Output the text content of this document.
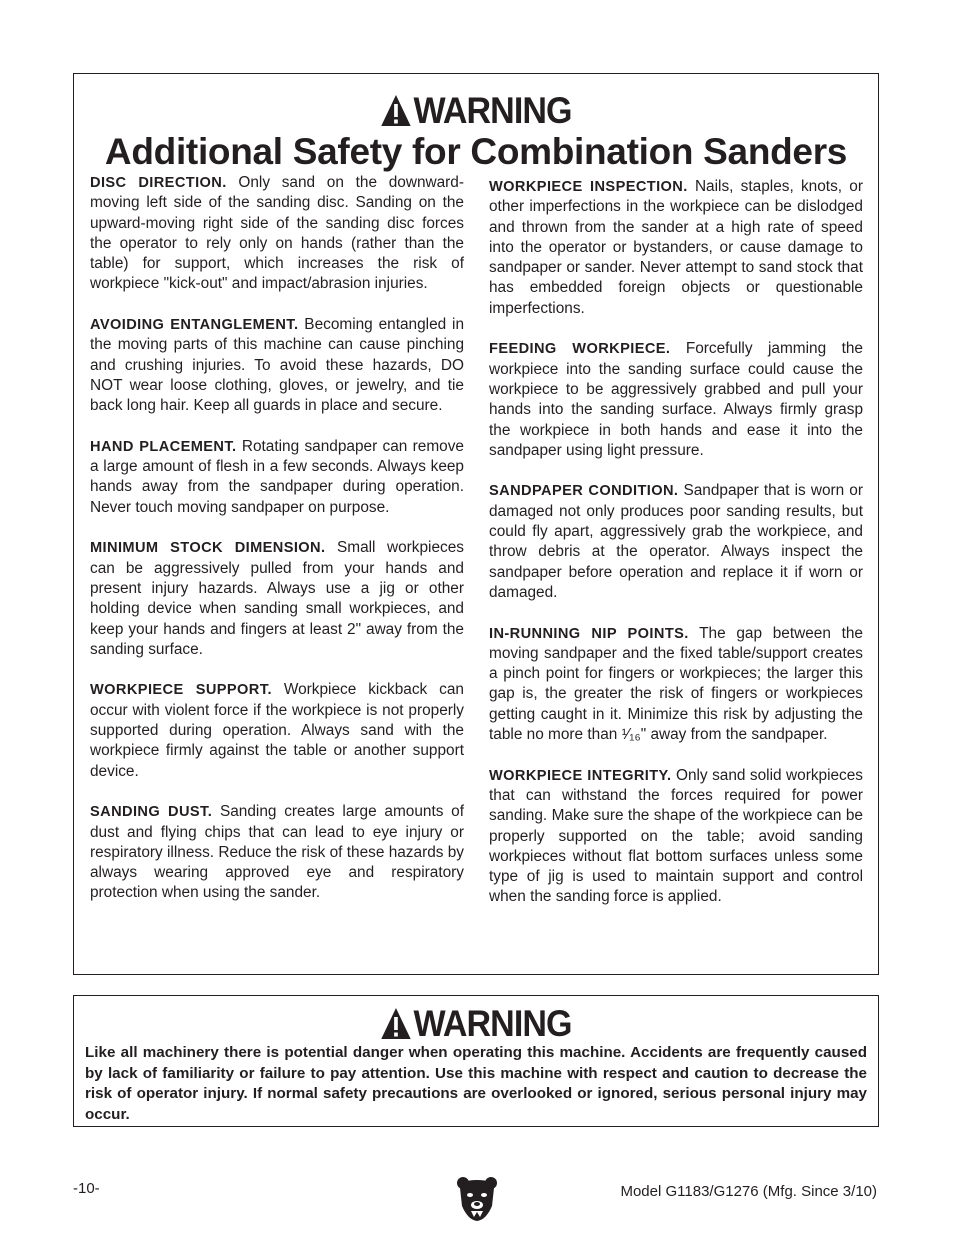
WARNING
Additional Safety for Combination Sanders

DISC DIRECTION. Only sand on the downward-moving left side of the sanding disc. Sanding on the upward-moving right side of the sanding disc forces the operator to rely only on hands (rather than the table) for support, which increases the risk of workpiece "kick-out" and impact/abrasion injuries.

AVOIDING ENTANGLEMENT. Becoming entangled in the moving parts of this machine can cause pinching and crushing injuries. To avoid these hazards, DO NOT wear loose clothing, gloves, or jewelry, and tie back long hair. Keep all guards in place and secure.

HAND PLACEMENT. Rotating sandpaper can remove a large amount of flesh in a few seconds. Always keep hands away from the sandpaper during operation. Never touch moving sandpaper on purpose.

MINIMUM STOCK DIMENSION. Small workpieces can be aggressively pulled from your hands and present injury hazards. Always use a jig or other holding device when sanding small workpieces, and keep your hands and fingers at least 2" away from the sanding surface.

WORKPIECE SUPPORT. Workpiece kickback can occur with violent force if the workpiece is not properly supported during operation. Always sand with the workpiece firmly against the table or another support device.

SANDING DUST. Sanding creates large amounts of dust and flying chips that can lead to eye injury or respiratory illness. Reduce the risk of these hazards by always wearing approved eye and respiratory protection when using the sander.

WORKPIECE INSPECTION. Nails, staples, knots, or other imperfections in the workpiece can be dislodged and thrown from the sander at a high rate of speed into the operator or bystanders, or cause damage to sandpaper or sander. Never attempt to sand stock that has embedded foreign objects or questionable imperfections.

FEEDING WORKPIECE. Forcefully jamming the workpiece into the sanding surface could cause the workpiece to be aggressively grabbed and pull your hands into the sanding surface. Always firmly grasp the workpiece in both hands and ease it into the sandpaper using light pressure.

SANDPAPER CONDITION. Sandpaper that is worn or damaged not only produces poor sanding results, but could fly apart, aggressively grab the workpiece, and throw debris at the operator. Always inspect the sandpaper before operation and replace it if worn or damaged.

IN-RUNNING NIP POINTS. The gap between the moving sandpaper and the fixed table/support creates a pinch point for fingers or workpieces; the larger this gap is, the greater the risk of fingers or workpieces getting caught in it. Minimize this risk by adjusting the table no more than ¹⁄₁₆" away from the sandpaper.

WORKPIECE INTEGRITY. Only sand solid workpieces that can withstand the forces required for power sanding. Make sure the shape of the workpiece can be properly supported on the table; avoid sanding workpieces without flat bottom surfaces unless some type of jig is used to maintain support and control when the sanding force is applied.

WARNING
Like all machinery there is potential danger when operating this machine. Accidents are frequently caused by lack of familiarity or failure to pay attention. Use this machine with respect and caution to decrease the risk of operator injury. If normal safety precautions are overlooked or ignored, serious personal injury may occur.
-10-	Model G1183/G1276 (Mfg. Since 3/10)
